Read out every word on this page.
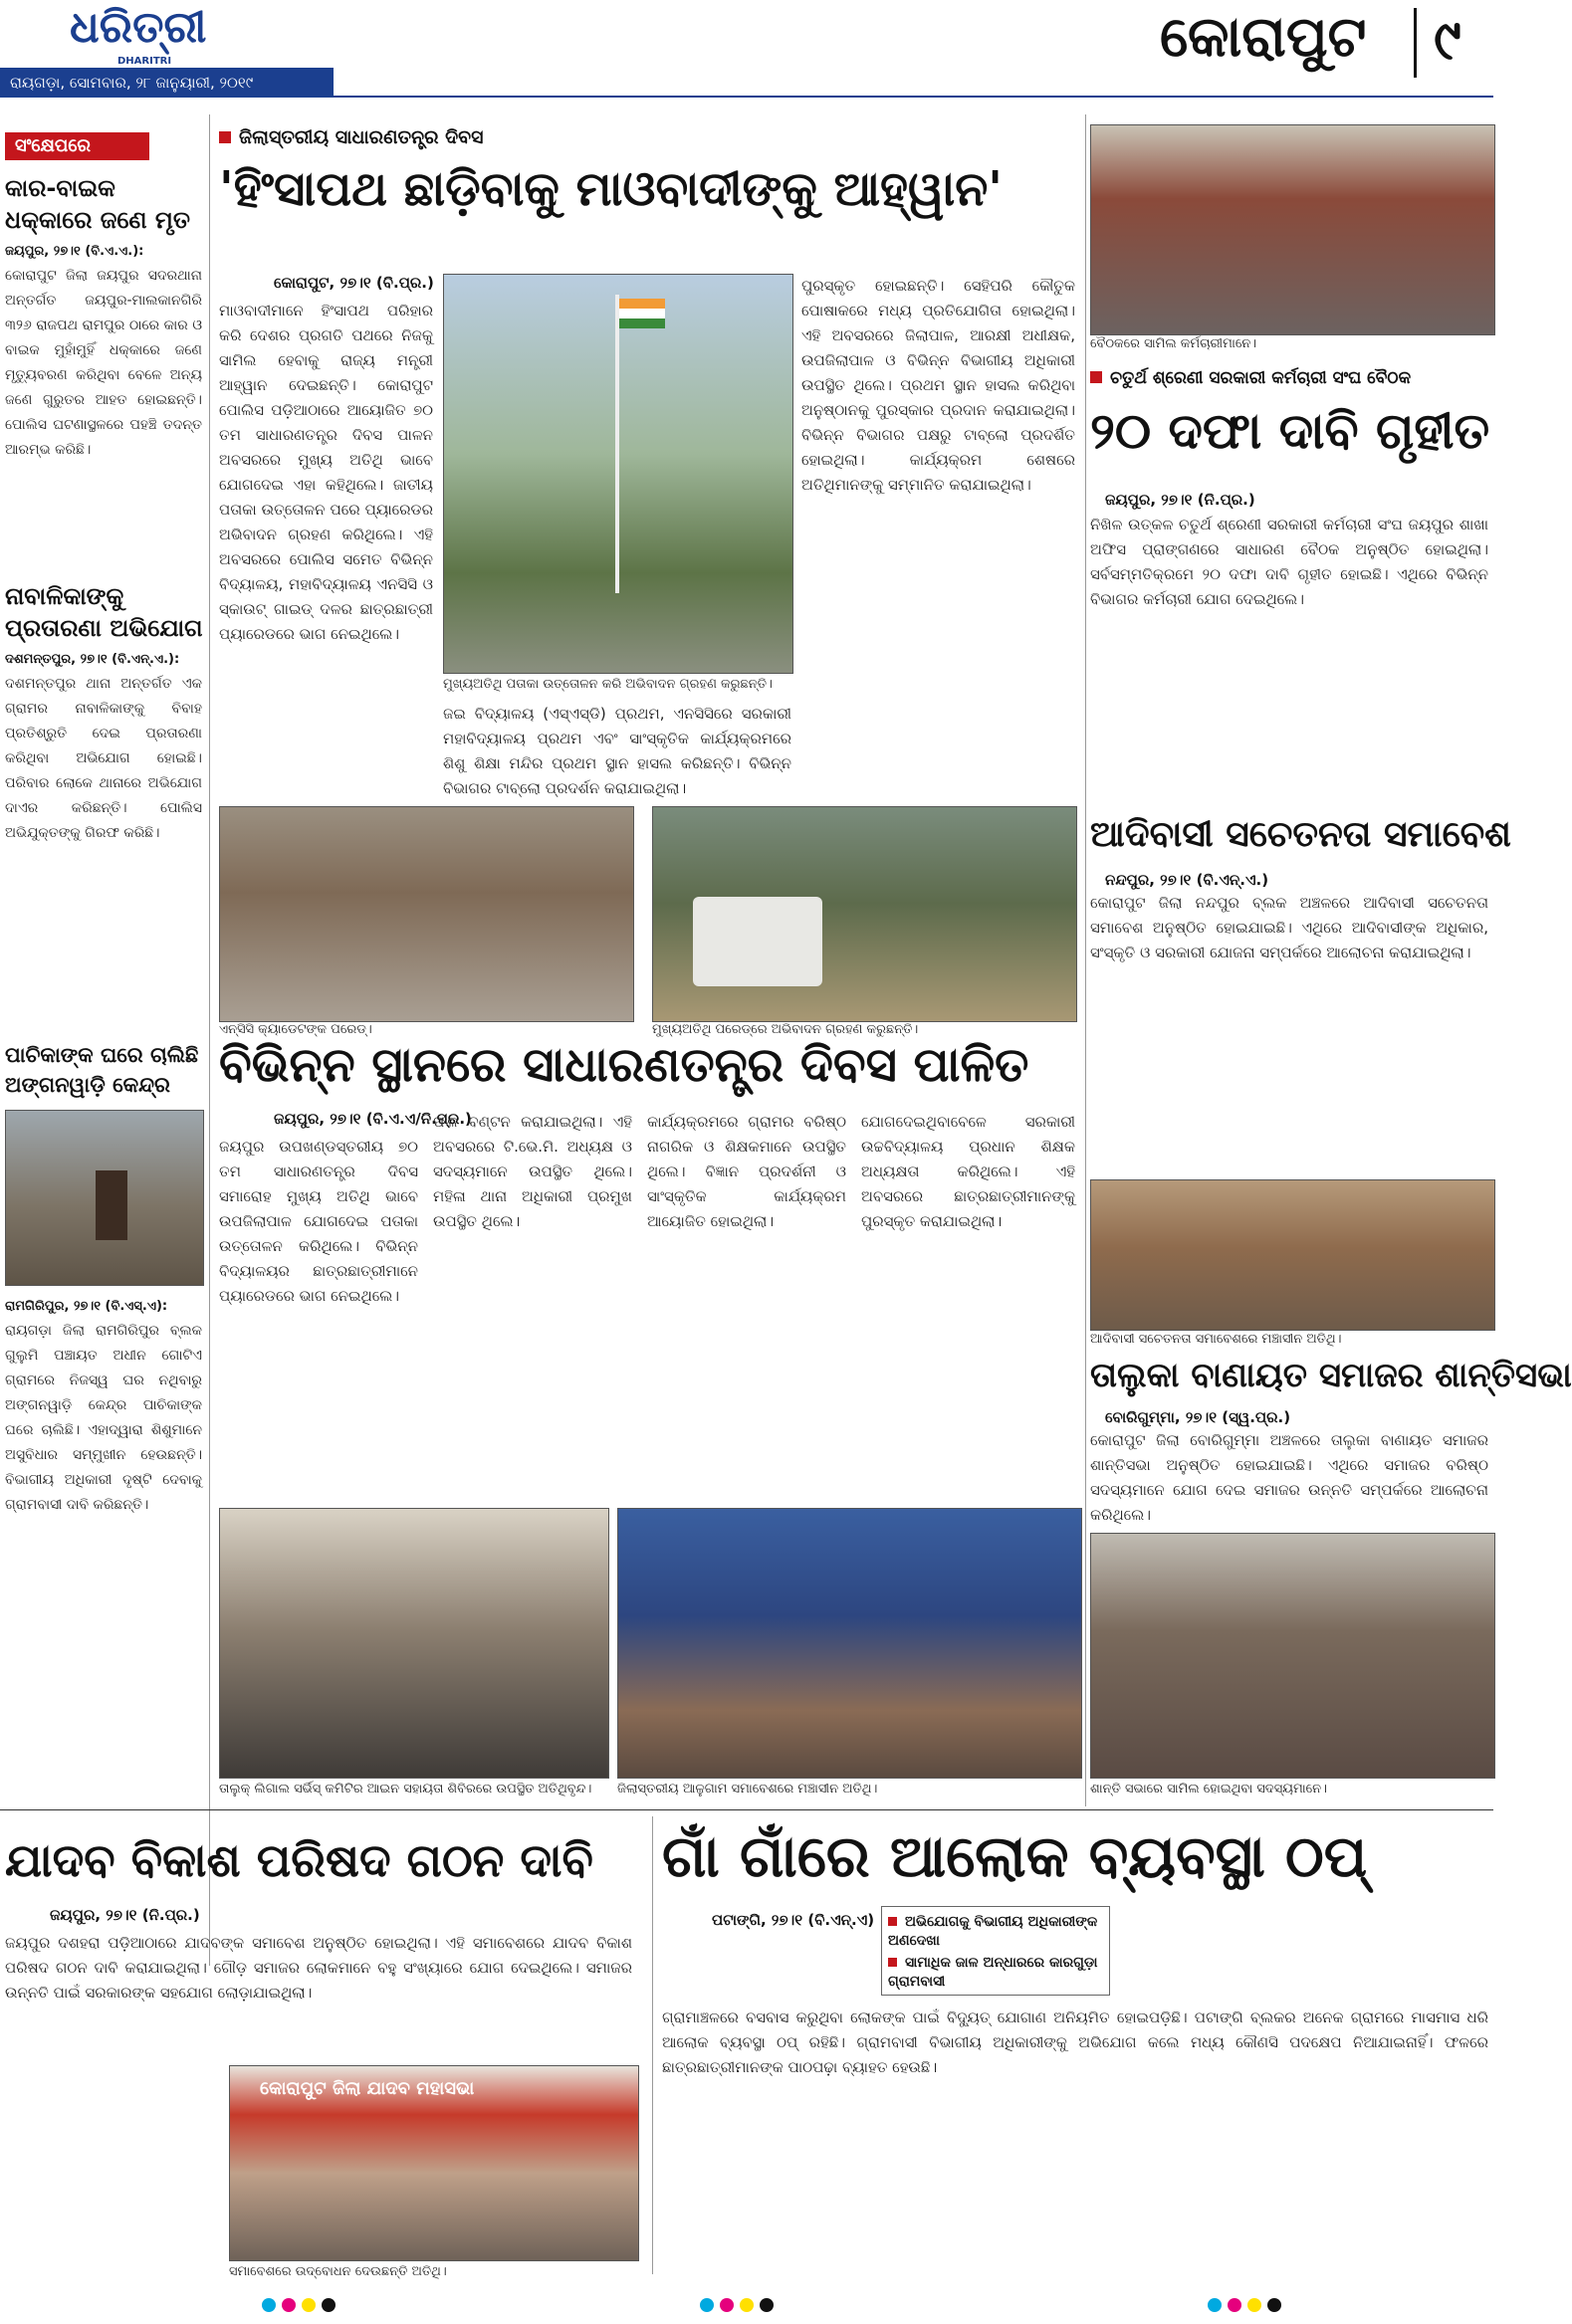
ଧରିତ୍ରୀ
DHARITRI
ରାୟଗଡ଼ା, ସୋମବାର, ୨୮ ଜାନୁୟାରୀ, ୨୦୧୯
କୋରାପୁଟ ୯
ସଂକ୍ଷେପରେ
କାର-ବାଇକ ଧକ୍କାରେ ଜଣେ ମୃତ
ଜୟପୁର, ୨୭।୧ (ବି.ଏ.ଏ.):
କୋରାପୁଟ ଜିଲା ଜୟପୁର ସଦରଥାନା ଅନ୍ତର୍ଗତ ଜୟପୁର-ମାଲକାନଗିରି ୩୨୬ ରାଜପଥ ରାମପୁର ଠାରେ କାର ଓ ବାଇକ ମୁହାଁମୁହିଁ ଧକ୍କାରେ ଜଣେ ମୃତ୍ୟୁବରଣ କରିଥିବା ବେଳେ ଅନ୍ୟ ଜଣେ ଗୁରୁତର ଆହତ ହୋଇଛନ୍ତି। ପୋଲିସ ଘଟଣାସ୍ଥଳରେ ପହଞ୍ଚି ତଦନ୍ତ ଆରମ୍ଭ କରିଛି।
ନାବାଳିକାଙ୍କୁ ପ୍ରତାରଣା ଅଭିଯୋଗ
ଦଶମନ୍ତପୁର, ୨୭।୧ (ବି.ଏନ୍.ଏ.):
ଦଶମନ୍ତପୁର ଥାନା ଅନ୍ତର୍ଗତ ଏକ ଗ୍ରାମର ନାବାଳିକାଙ୍କୁ ବିବାହ ପ୍ରତିଶ୍ରୁତି ଦେଇ ପ୍ରତାରଣା କରିଥିବା ଅଭିଯୋଗ ହୋଇଛି। ପରିବାର ଲୋକେ ଥାନାରେ ଅଭିଯୋଗ ଦାଏର କରିଛନ୍ତି। ପୋଲିସ ଅଭିଯୁକ୍ତଙ୍କୁ ଗିରଫ କରିଛି।
ପାଚିକାଙ୍କ ଘରେ ଚାଲିଛି ଅଙ୍ଗନୱାଡ଼ି କେନ୍ଦ୍ର
ରାମଗିରିପୁର, ୨୭।୧ (ବି.ଏସ୍.ଏ):
ରାୟଗଡ଼ା ଜିଲା ରାମଗିରିପୁର ବ୍ଲକ ଗୁଲୁମି ପଞ୍ଚାୟତ ଅଧୀନ ଗୋଟିଏ ଗ୍ରାମରେ ନିଜସ୍ୱ ଘର ନଥିବାରୁ ଅଙ୍ଗନୱାଡ଼ି କେନ୍ଦ୍ର ପାଚିକାଙ୍କ ଘରେ ଚାଲିଛି। ଏହାଦ୍ୱାରା ଶିଶୁମାନେ ଅସୁବିଧାର ସମ୍ମୁଖୀନ ହେଉଛନ୍ତି। ବିଭାଗୀୟ ଅଧିକାରୀ ଦୃଷ୍ଟି ଦେବାକୁ ଗ୍ରାମବାସୀ ଦାବି କରିଛନ୍ତି।
ଜିଲାସ୍ତରୀୟ ସାଧାରଣତନ୍ତ୍ର ଦିବସ
'ହିଂସାପଥ ଛାଡ଼ିବାକୁ ମାଓବାଦୀଙ୍କୁ ଆହ୍ୱାନ'
କୋରାପୁଟ, ୨୭।୧ (ବି.ପ୍ର.)
ମାଓବାଦୀମାନେ ହିଂସାପଥ ପରିହାର କରି ଦେଶର ପ୍ରଗତି ପଥରେ ନିଜକୁ ସାମିଲ ହେବାକୁ ରାଜ୍ୟ ମନ୍ତ୍ରୀ ଆହ୍ୱାନ ଦେଇଛନ୍ତି। କୋରାପୁଟ ପୋଲିସ ପଡ଼ିଆଠାରେ ଆୟୋଜିତ ୭୦ ତମ ସାଧାରଣତନ୍ତ୍ର ଦିବସ ପାଳନ ଅବସରରେ ମୁଖ୍ୟ ଅତିଥି ଭାବେ ଯୋଗଦେଇ ଏହା କହିଥିଲେ। ଜାତୀୟ ପତାକା ଉତ୍ତୋଳନ ପରେ ପ୍ୟାରେଡର ଅଭିବାଦନ ଗ୍ରହଣ କରିଥିଲେ। ଏହି ଅବସରରେ ପୋଲିସ ସମେତ ବିଭିନ୍ନ ବିଦ୍ୟାଳୟ, ମହାବିଦ୍ୟାଳୟ ଏନସିସି ଓ ସ୍କାଉଟ୍ ଗାଇଡ୍ ଦଳର ଛାତ୍ରଛାତ୍ରୀ ପ୍ୟାରେଡରେ ଭାଗ ନେଇଥିଲେ।
ମୁଖ୍ୟଅତିଥି ପତାକା ଉତ୍ତୋଳନ କରି ଅଭିବାଦନ ଗ୍ରହଣ କରୁଛନ୍ତି।
ପୁରସ୍କୃତ ହୋଇଛନ୍ତି। ସେହିପରି କୌତୁକ ପୋଷାକରେ ମଧ୍ୟ ପ୍ରତିଯୋଗିତା ହୋଇଥିଲା। ଏହି ଅବସରରେ ଜିଲାପାଳ, ଆରକ୍ଷୀ ଅଧୀକ୍ଷକ, ଉପଜିଲାପାଳ ଓ ବିଭିନ୍ନ ବିଭାଗୀୟ ଅଧିକାରୀ ଉପସ୍ଥିତ ଥିଲେ। ପ୍ରଥମ ସ୍ଥାନ ହାସଲ କରିଥିବା ଅନୁଷ୍ଠାନକୁ ପୁରସ୍କାର ପ୍ରଦାନ କରାଯାଇଥିଲା। ବିଭିନ୍ନ ବିଭାଗର ପକ୍ଷରୁ ଟାବ୍ଲୋ ପ୍ରଦର୍ଶିତ ହୋଇଥିଲା। କାର୍ଯ୍ୟକ୍ରମ ଶେଷରେ ଅତିଥିମାନଙ୍କୁ ସମ୍ମାନିତ କରାଯାଇଥିଲା।
ଜଇ ବିଦ୍ୟାଳୟ (ଏସ୍‌ଏସ୍‌ଡି) ପ୍ରଥମ, ଏନସିସିରେ ସରକାରୀ ମହାବିଦ୍ୟାଳୟ ପ୍ରଥମ ଏବଂ ସାଂସ୍କୃତିକ କାର୍ଯ୍ୟକ୍ରମରେ ଶିଶୁ ଶିକ୍ଷା ମନ୍ଦିର ପ୍ରଥମ ସ୍ଥାନ ହାସଲ କରିଛନ୍ତି। ବିଭିନ୍ନ ବିଭାଗର ଟାବ୍ଲୋ ପ୍ରଦର୍ଶନ କରାଯାଇଥିଲା।
ଏନ୍‌ସିସି କ୍ୟାଡେଟଙ୍କ ପରେଡ୍।	ମୁଖ୍ୟଅତିଥି ପରେଡ୍‌ରେ ଅଭିବାଦନ ଗ୍ରହଣ କରୁଛନ୍ତି।
ବିଭିନ୍ନ ସ୍ଥାନରେ ସାଧାରଣତନ୍ତ୍ର ଦିବସ ପାଳିତ
ଜୟପୁର, ୨୭।୧ (ବି.ଏ.ଏ/ନି.ପ୍ର.)
ଜୟପୁର ଉପଖଣ୍ଡସ୍ତରୀୟ ୭୦ ତମ ସାଧାରଣତନ୍ତ୍ର ଦିବସ ସମାରୋହ ମୁଖ୍ୟ ଅତିଥି ଭାବେ ଉପଜିଲାପାଳ ଯୋଗଦେଇ ପତାକା ଉତ୍ତୋଳନ କରିଥିଲେ। ବିଭିନ୍ନ ବିଦ୍ୟାଳୟର ଛାତ୍ରଛାତ୍ରୀମାନେ ପ୍ୟାରେଡରେ ଭାଗ ନେଇଥିଲେ।
ଫଳ ବଣ୍ଟନ କରାଯାଇଥିଲା। ଏହି ଅବସରରେ ଟି.ଭେ.ମି. ଅଧ୍ୟକ୍ଷ ଓ ସଦସ୍ୟମାନେ ଉପସ୍ଥିତ ଥିଲେ। ମହିଳା ଥାନା ଅଧିକାରୀ ପ୍ରମୁଖ ଉପସ୍ଥିତ ଥିଲେ।
କାର୍ଯ୍ୟକ୍ରମରେ ଗ୍ରାମର ବରିଷ୍ଠ ନାଗରିକ ଓ ଶିକ୍ଷକମାନେ ଉପସ୍ଥିତ ଥିଲେ। ବିଜ୍ଞାନ ପ୍ରଦର୍ଶନୀ ଓ ସାଂସ୍କୃତିକ କାର୍ଯ୍ୟକ୍ରମ ଆୟୋଜିତ ହୋଇଥିଲା।
ଯୋଗଦେଇଥିବାବେଳେ ସରକାରୀ ଉଚ୍ଚବିଦ୍ୟାଳୟ ପ୍ରଧାନ ଶିକ୍ଷକ ଅଧ୍ୟକ୍ଷତା କରିଥିଲେ। ଏହି ଅବସରରେ ଛାତ୍ରଛାତ୍ରୀମାନଙ୍କୁ ପୁରସ୍କୃତ କରାଯାଇଥିଲା।
ତାଲୁକ୍ ଲିଗାଲ ସର୍ଭିସ୍ କମିଟିର ଆଇନ ସହାୟତା ଶିବିରରେ ଉପସ୍ଥିତ ଅତିଥିବୃନ୍ଦ।	ଜିଲାସ୍ତରୀୟ ଆଳୁଗାମ ସମାବେଶରେ ମଞ୍ଚାସୀନ ଅତିଥି।
ବୈଠକରେ ସାମିଲ କର୍ମଚାରୀମାନେ।
ଚତୁର୍ଥ ଶ୍ରେଣୀ ସରକାରୀ କର୍ମଚାରୀ ସଂଘ ବୈଠକ
୨୦ ଦଫା ଦାବି ଗୃହୀତ
ଜୟପୁର, ୨୭।୧ (ନି.ପ୍ର.)
ନିଖିଳ ଉତ୍କଳ ଚତୁର୍ଥ ଶ୍ରେଣୀ ସରକାରୀ କର୍ମଚାରୀ ସଂଘ ଜୟପୁର ଶାଖା ଅଫିସ ପ୍ରାଙ୍ଗଣରେ ସାଧାରଣ ବୈଠକ ଅନୁଷ୍ଠିତ ହୋଇଥିଲା। ସର୍ବସମ୍ମତିକ୍ରମେ ୨୦ ଦଫା ଦାବି ଗୃହୀତ ହୋଇଛି। ଏଥିରେ ବିଭିନ୍ନ ବିଭାଗର କର୍ମଚାରୀ ଯୋଗ ଦେଇଥିଲେ।
ଆଦିବାସୀ ସଚେତନତା ସମାବେଶ
ନନ୍ଦପୁର, ୨୭।୧ (ବି.ଏନ୍.ଏ.)
କୋରାପୁଟ ଜିଲା ନନ୍ଦପୁର ବ୍ଲକ ଅଞ୍ଚଳରେ ଆଦିବାସୀ ସଚେତନତା ସମାବେଶ ଅନୁଷ୍ଠିତ ହୋଇଯାଇଛି। ଏଥିରେ ଆଦିବାସୀଙ୍କ ଅଧିକାର, ସଂସ୍କୃତି ଓ ସରକାରୀ ଯୋଜନା ସମ୍ପର୍କରେ ଆଲୋଚନା କରାଯାଇଥିଲା।
ଆଦିବାସୀ ସଚେତନତା ସମାବେଶରେ ମଞ୍ଚାସୀନ ଅତିଥି।
ତାଲୁକା ବାଣାୟତ ସମାଜର ଶାନ୍ତିସଭା
ବୋରିଗୁମ୍ମା, ୨୭।୧ (ସ୍ୱ.ପ୍ର.)
କୋରାପୁଟ ଜିଲା ବୋରିଗୁମ୍ମା ଅଞ୍ଚଳରେ ତାଲୁକା ବାଣାୟତ ସମାଜର ଶାନ୍ତିସଭା ଅନୁଷ୍ଠିତ ହୋଇଯାଇଛି। ଏଥିରେ ସମାଜର ବରିଷ୍ଠ ସଦସ୍ୟମାନେ ଯୋଗ ଦେଇ ସମାଜର ଉନ୍ନତି ସମ୍ପର୍କରେ ଆଲୋଚନା କରିଥିଲେ।
ଶାନ୍ତି ସଭାରେ ସାମିଲ ହୋଇଥିବା ସଦସ୍ୟମାନେ।
ଯାଦବ ବିକାଶ ପରିଷଦ ଗଠନ ଦାବି
ଜୟପୁର, ୨୭।୧ (ନି.ପ୍ର.)
ଜୟପୁର ଦଶହରା ପଡ଼ିଆଠାରେ ଯାଦବଙ୍କ ସମାବେଶ ଅନୁଷ୍ଠିତ ହୋଇଥିଲା। ଏହି ସମାବେଶରେ ଯାଦବ ବିକାଶ ପରିଷଦ ଗଠନ ଦାବି କରାଯାଇଥିଲା। ଗୌଡ଼ ସମାଜର ଲୋକମାନେ ବହୁ ସଂଖ୍ୟାରେ ଯୋଗ ଦେଇଥିଲେ। ସମାଜର ଉନ୍ନତି ପାଇଁ ସରକାରଙ୍କ ସହଯୋଗ ଲୋଡ଼ାଯାଇଥିଲା।
କୋରାପୁଟ ଜିଲା ଯାଦବ ମହାସଭା
ସମାବେଶରେ ଉଦ୍ବୋଧନ ଦେଉଛନ୍ତି ଅତିଥି।
ଗାଁ ଗାଁରେ ଆଲୋକ ବ୍ୟବସ୍ଥା ଠପ୍
ପଟାଙ୍ଗି, ୨୭।୧ (ବି.ଏନ୍.ଏ)	ଅଭିଯୋଗକୁ ବିଭାଗୀୟ ଅଧିକାରୀଙ୍କ ଅଣଦେଖା
ସାମାଧିକ ଜାଳ ଅନ୍ଧାରରେ କାରଗୁଡ଼ା ଗ୍ରାମବାସୀ
ଗ୍ରାମାଞ୍ଚଳରେ ବସବାସ କରୁଥିବା ଲୋକଙ୍କ ପାଇଁ ବିଦ୍ୟୁତ୍ ଯୋଗାଣ ଅନିୟମିତ ହୋଇପଡ଼ିଛି। ପଟାଙ୍ଗି ବ୍ଲକର ଅନେକ ଗ୍ରାମରେ ମାସମାସ ଧରି ଆଲୋକ ବ୍ୟବସ୍ଥା ଠପ୍ ରହିଛି। ଗ୍ରାମବାସୀ ବିଭାଗୀୟ ଅଧିକାରୀଙ୍କୁ ଅଭିଯୋଗ କଲେ ମଧ୍ୟ କୌଣସି ପଦକ୍ଷେପ ନିଆଯାଇନାହିଁ। ଫଳରେ ଛାତ୍ରଛାତ୍ରୀମାନଙ୍କ ପାଠପଢ଼ା ବ୍ୟାହତ ହେଉଛି।
